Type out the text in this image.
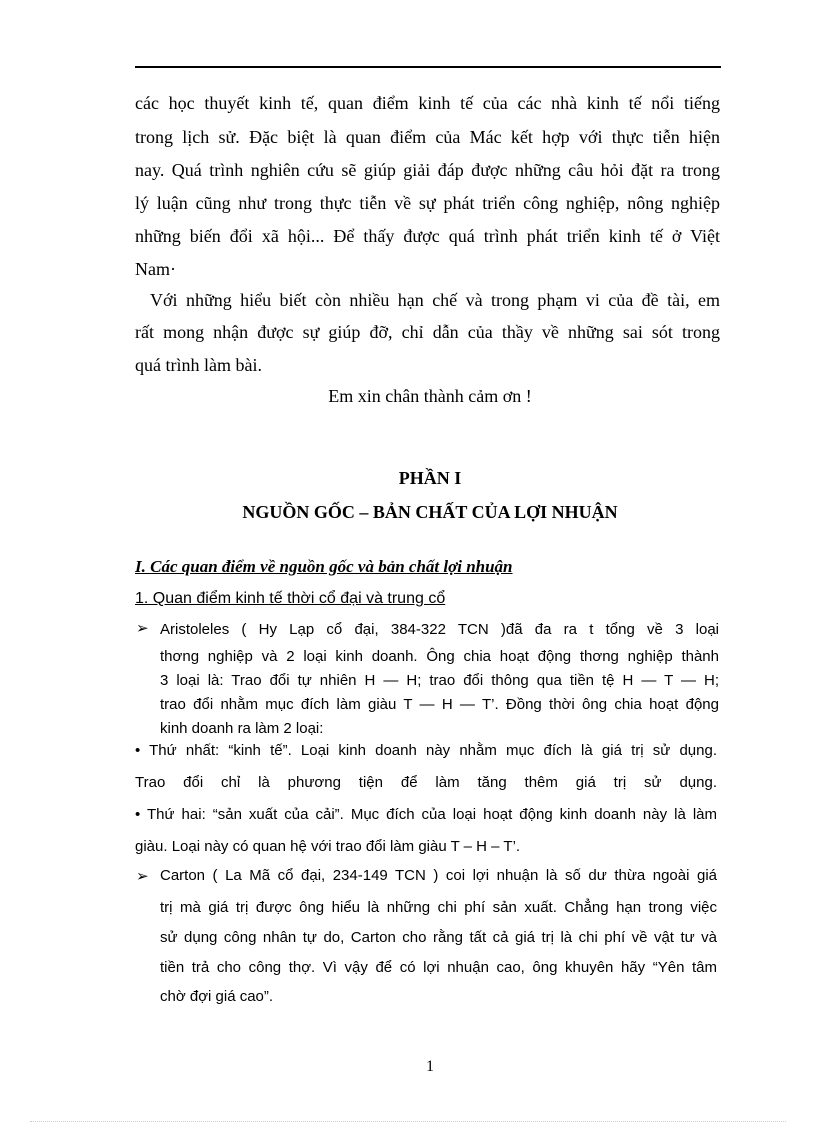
các học thuyết kinh tế, quan điểm kinh tế của các nhà kinh tế nổi tiếng
trong lịch sử. Đặc biệt là quan điểm của Mác kết hợp với thực tiễn hiện
nay. Quá trình nghiên cứu sẽ giúp giải đáp được những câu hỏi đặt ra trong
lý luận cũng như trong thực tiễn về sự phát triển công nghiệp, nông nghiệp
những biến đổi xã hội... Để thấy được quá trình phát triển kinh tế ở Việt
Nam·
Với những hiểu biết còn nhiều hạn chế và trong phạm vi của đề tài, em
rất mong nhận được sự giúp đỡ, chỉ dẫn của thầy về những sai sót trong
quá trình làm bài.
Em xin chân thành cảm ơn !
PHẦN I
NGUỒN GỐC – BẢN CHẤT CỦA LỢI NHUẬN
I. Các quan điểm về nguồn gốc và bản chất lợi nhuận
1. Quan điểm kinh tế thời cổ đại và trung cổ
➢ Aristoleles ( Hy Lạp cổ đại, 384-322 TCN )đã đa ra t tổng về 3 loại
thơng nghiệp và 2 loại kinh doanh. Ông chia hoạt động thơng nghiệp thành
3 loại là: Trao đổi tự nhiên H — H; trao đổi thông qua tiền tệ H — T — H;
trao đổi nhằm mục đích làm giàu T — H — T’. Đồng thời ông chia hoạt động
kinh doanh ra làm 2 loại:
• Thứ nhất: “kinh tế”. Loại kinh doanh này nhằm mục đích là giá trị sử dụng.
Trao đổi chỉ là phương tiện để làm tăng thêm giá trị sử dụng.
• Thứ hai: “sản xuất của cải”. Mục đích của loại hoạt động kinh doanh này là làm
giàu. Loại này có quan hệ với trao đổi làm giàu T – H – T’.
➢ Carton ( La Mã cổ đại, 234-149 TCN ) coi lợi nhuận là số dư thừa ngoài giá
trị mà giá trị được ông hiểu là những chi phí sản xuất. Chẳng hạn trong việc
sử dụng công nhân tự do, Carton cho rằng tất cả giá trị là chi phí về vật tư và
tiền trả cho công thợ. Vì vậy để có lợi nhuận cao, ông khuyên hãy “Yên tâm
chờ đợi giá cao”.
1
